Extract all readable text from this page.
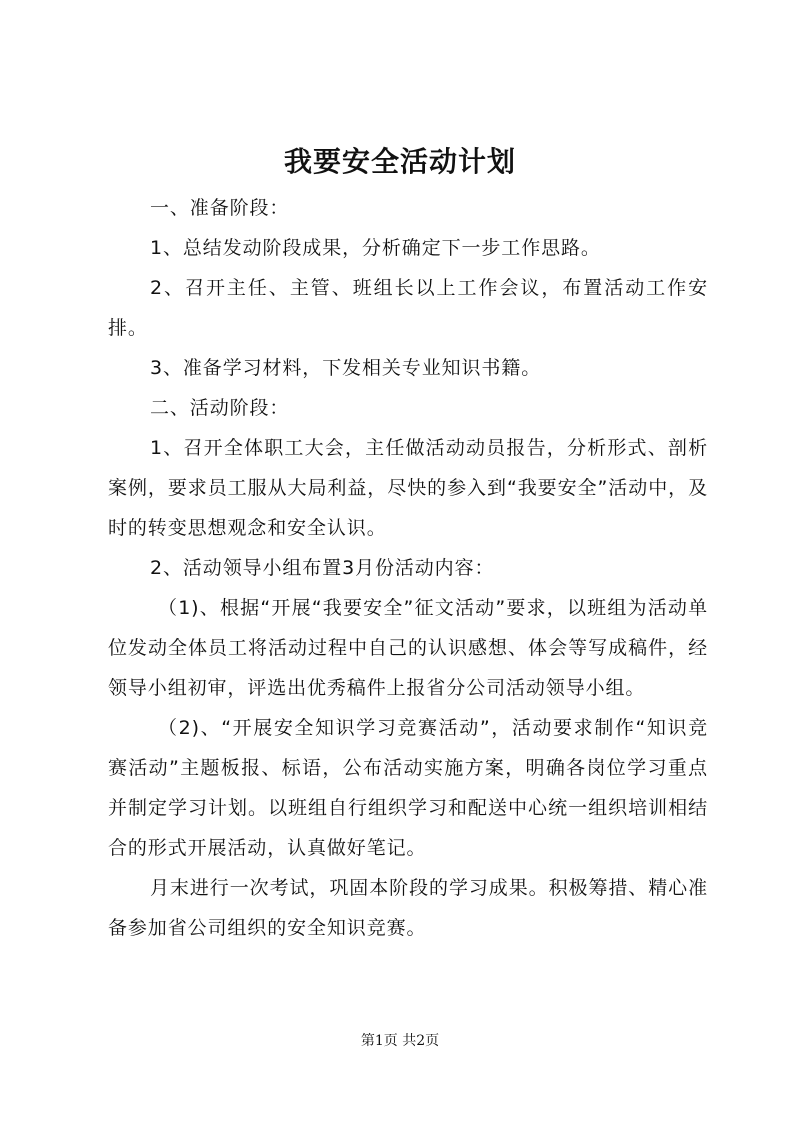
我要安全活动计划

一、准备阶段：

1、总结发动阶段成果，分析确定下一步工作思路。

2、召开主任、主管、班组长以上工作会议，布置活动工作安排。

3、准备学习材料，下发相关专业知识书籍。

二、活动阶段：

1、召开全体职工大会，主任做活动动员报告，分析形式、剖析案例，要求员工服从大局利益，尽快的参入到“我要安全”活动中，及时的转变思想观念和安全认识。

2、活动领导小组布置3月份活动内容：

（1)、根据“开展“我要安全”征文活动”要求，以班组为活动单位发动全体员工将活动过程中自己的认识感想、体会等写成稿件，经领导小组初审，评选出优秀稿件上报省分公司活动领导小组。

（2)、“开展安全知识学习竞赛活动”，活动要求制作“知识竞赛活动”主题板报、标语，公布活动实施方案，明确各岗位学习重点并制定学习计划。以班组自行组织学习和配送中心统一组织培训相结合的形式开展活动，认真做好笔记。

月末进行一次考试，巩固本阶段的学习成果。积极筹措、精心准备参加省公司组织的安全知识竞赛。

第1页 共2页
